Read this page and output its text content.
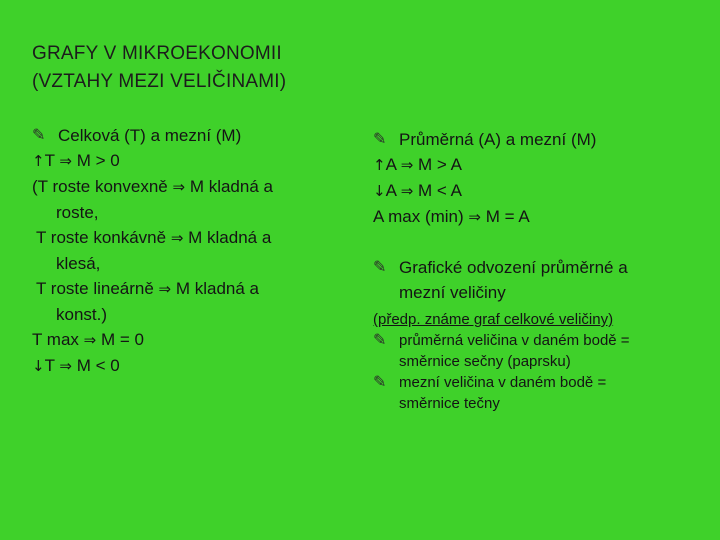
GRAFY V MIKROEKONOMII
(VZTAHY MEZI VELIČINAMI)
✎ Celková (T) a mezní (M)
↑T ⇒ M > 0
(T roste konvexně ⇒ M kladná a
roste,
T roste konkávně ⇒ M kladná a
klesá,
T roste lineárně ⇒ M kladná a
konst.)
T max ⇒ M = 0
↓T ⇒ M < 0
✎ Průměrná (A) a mezní (M)
↑A ⇒ M > A
↓A ⇒ M < A
A max (min) ⇒ M = A
✎ Grafické odvození průměrné a
mezní veličiny
(předp. známe graf celkové veličiny)
✎ průměrná veličina v daném bodě =
směrnice sečny (paprsku)
✎ mezní veličina v daném bodě =
směrnice tečny
